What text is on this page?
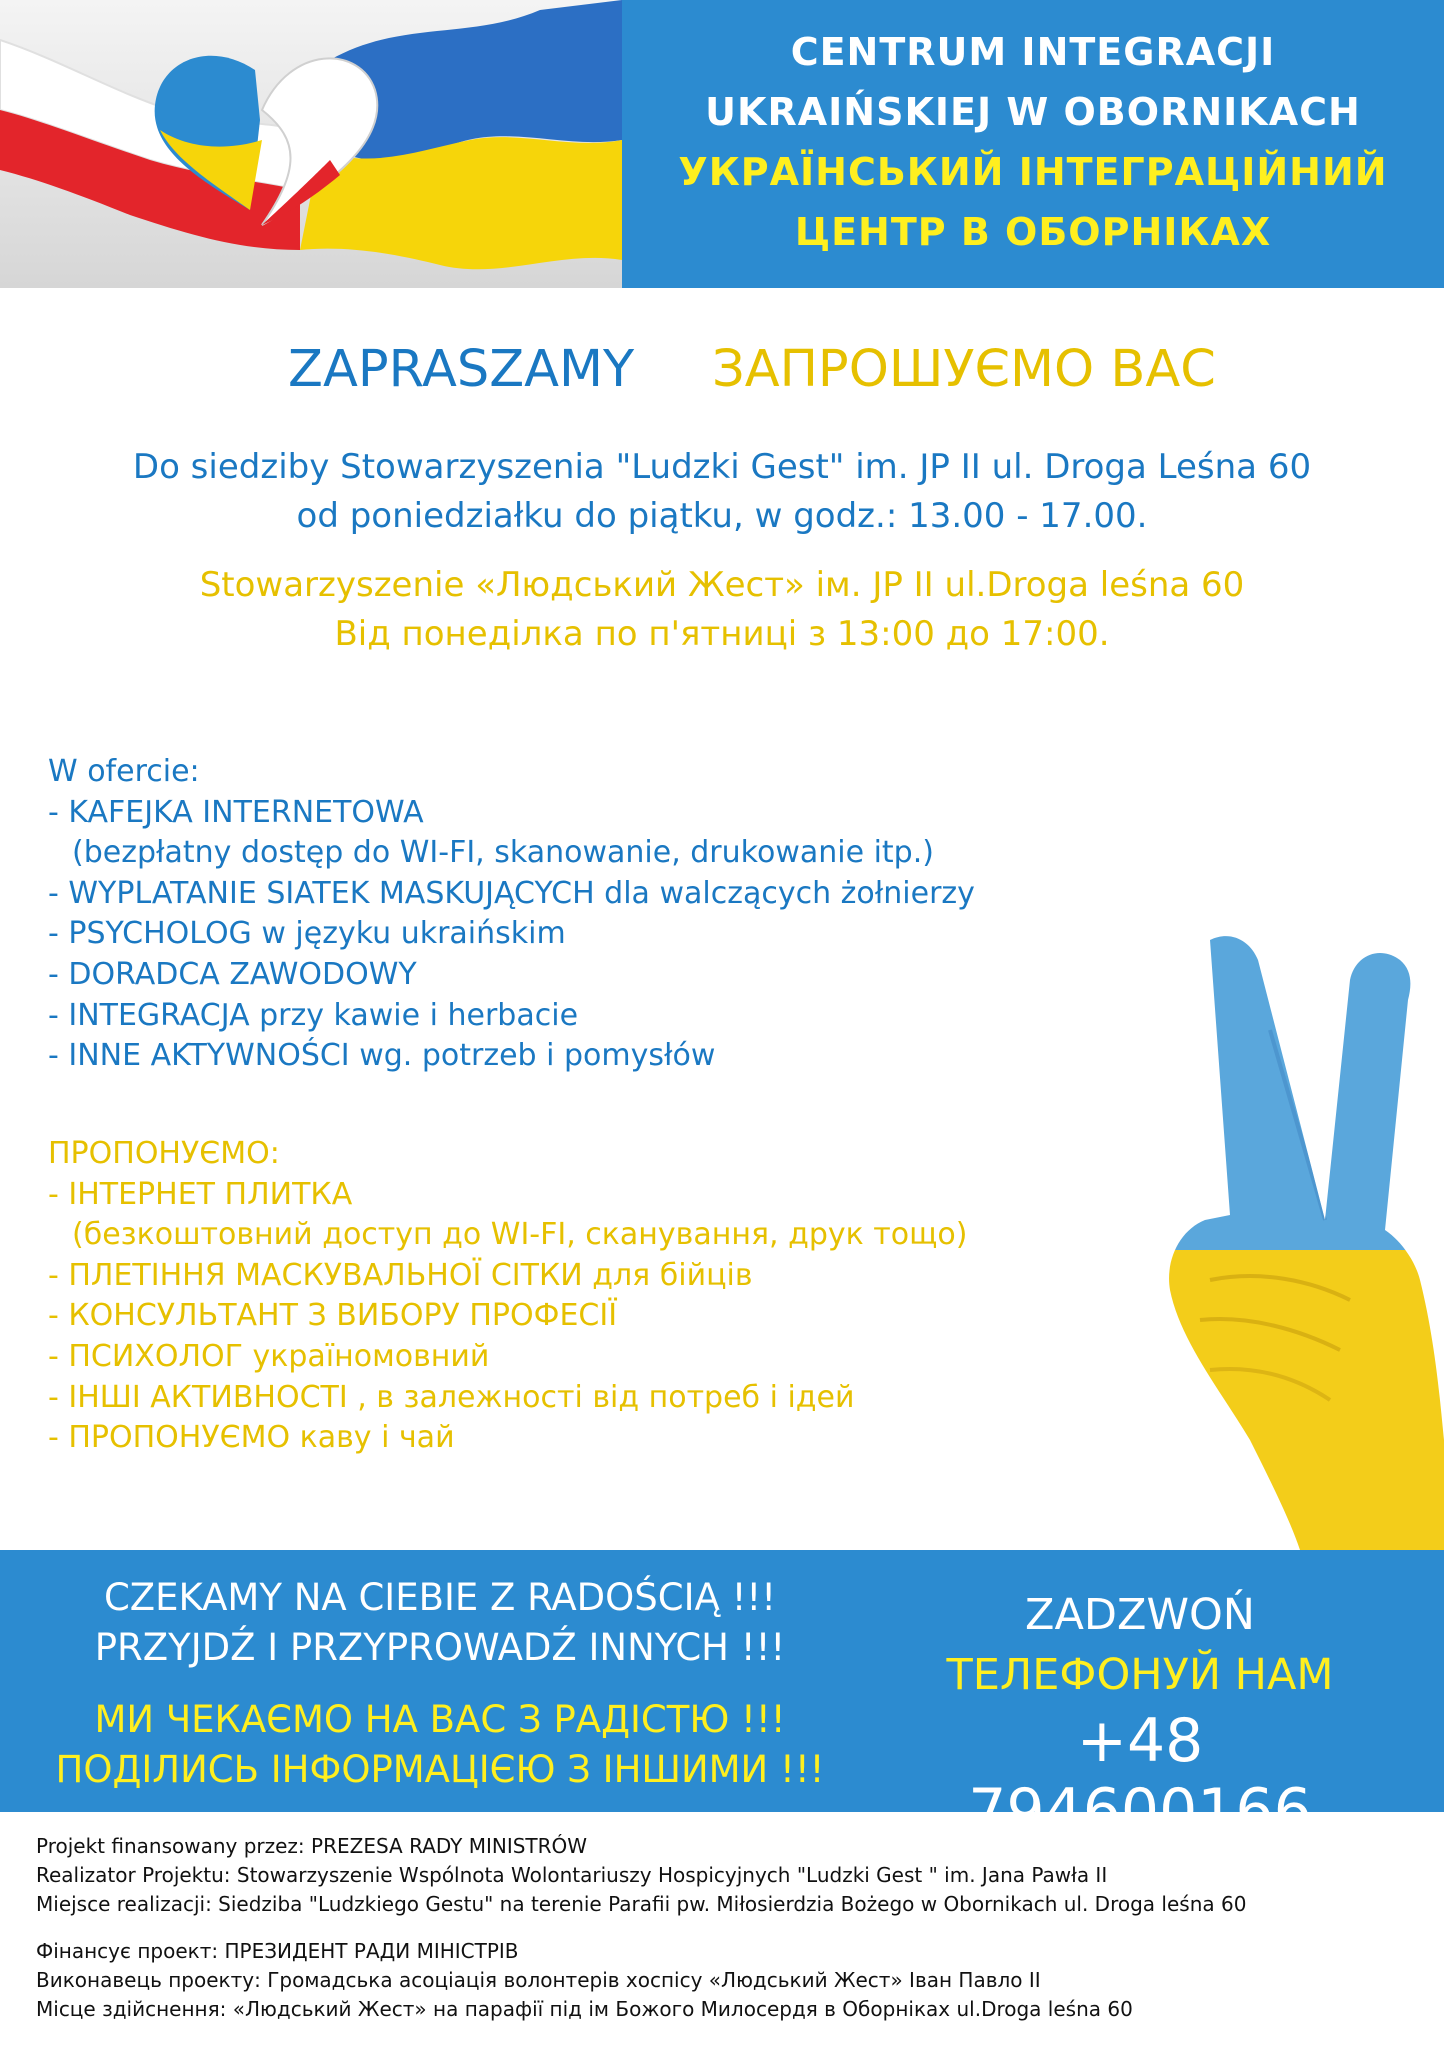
CENTRUM INTEGRACJI
UKRAIŃSKIEJ W OBORNIKACH
УКРАЇНСЬКИЙ ІНТЕГРАЦІЙНИЙ
ЦЕНТР В ОБОРНІКАХ
ZAPRASZAMY ЗАПРОШУЄМО ВАС
Do siedziby Stowarzyszenia "Ludzki Gest" im. JP II ul. Droga Leśna 60
od poniedziałku do piątku, w godz.: 13.00 - 17.00.
Stowarzyszenie «Людський Жест» ім. JP II ul.Droga leśna 60
Від понеділка по п'ятниці з 13:00 до 17:00.
W ofercie:
- KAFEJKA INTERNETOWA
(bezpłatny dostęp do WI-FI, skanowanie, drukowanie itp.)
- WYPLATANIE SIATEK MASKUJĄCYCH dla walczących żołnierzy
- PSYCHOLOG w języku ukraińskim
- DORADCA ZAWODOWY
- INTEGRACJA przy kawie i herbacie
- INNE AKTYWNOŚCI wg. potrzeb i pomysłów
ПРОПОНУЄМО:
- ІНТЕРНЕТ ПЛИТКА
(безкоштовний доступ до WI-FI, сканування, друк тощо)
- ПЛЕТІННЯ МАСКУВАЛЬНОЇ СІТКИ для бійців
- КОНСУЛЬТАНТ З ВИБОРУ ПРОФЕСІЇ
- ПСИХОЛОГ україномовний
- ІНШІ АКТИВНОСТІ , в залежності від потреб і ідей
- ПРОПОНУЄМО каву і чай
CZEKAMY NA CIEBIE Z RADOŚCIĄ !!!
PRZYJDŹ I PRZYPROWADŹ INNYCH !!!
МИ ЧЕКАЄМО НА ВАС З РАДІСТЮ !!!
ПОДІЛИСЬ ІНФОРМАЦІЄЮ З ІНШИМИ !!!
ZADZWOŃ
ТЕЛЕФОНУЙ НАМ
+48 794600166
Projekt finansowany przez: PREZESA RADY MINISTRÓW
Realizator Projektu: Stowarzyszenie Wspólnota Wolontariuszy Hospicyjnych "Ludzki Gest " im. Jana Pawła II
Miejsce realizacji: Siedziba "Ludzkiego Gestu" na terenie Parafii pw. Miłosierdzia Bożego w Obornikach ul. Droga leśna 60
Фінансує проект: ПРЕЗИДЕНТ РАДИ МІНІСТРІВ
Виконавець проекту: Громадська асоціація волонтерів хоспісу «Людський Жест» Іван Павло II
Місце здійснення: «Людський Жест» на парафії під ім Божого Милосердя в Оборніках ul.Droga leśna 60
